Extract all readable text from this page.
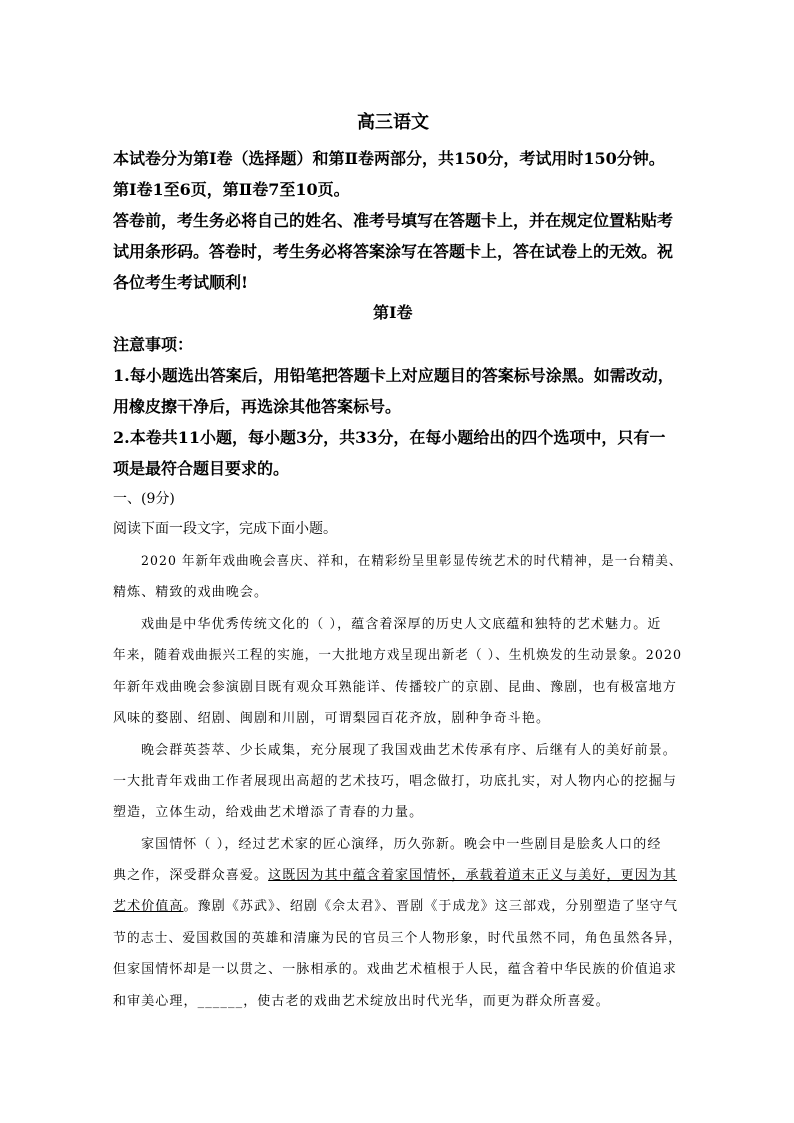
高三语文
本试卷分为第Ⅰ卷（选择题）和第Ⅱ卷两部分，共150分，考试用时150分钟。
第Ⅰ卷1至6页，第Ⅱ卷7至10页。
答卷前，考生务必将自己的姓名、准考号填写在答题卡上，并在规定位置粘贴考
试用条形码。答卷时，考生务必将答案涂写在答题卡上，答在试卷上的无效。祝
各位考生考试顺利!
第Ⅰ卷
注意事项：
1.每小题选出答案后，用铅笔把答题卡上对应题目的答案标号涂黑。如需改动，
用橡皮擦干净后，再选涂其他答案标号。
2.本卷共11小题，每小题3分，共33分，在每小题给出的四个选项中，只有一
项是最符合题目要求的。
一、(9分)
阅读下面一段文字，完成下面小题。
2020 年新年戏曲晚会喜庆、祥和，在精彩纷呈里彰显传统艺术的时代精神，是一台精美、
精炼、精致的戏曲晚会。
戏曲是中华优秀传统文化的（ ），蕴含着深厚的历史人文底蕴和独特的艺术魅力。近
年来，随着戏曲振兴工程的实施，一大批地方戏呈现出新老（ ）、生机焕发的生动景象。2020
年新年戏曲晚会参演剧目既有观众耳熟能详、传播较广的京剧、昆曲、豫剧，也有极富地方
风味的婺剧、绍剧、闽剧和川剧，可谓梨园百花齐放，剧种争奇斗艳。
晚会群英荟萃、少长咸集，充分展现了我国戏曲艺术传承有序、后继有人的美好前景。
一大批青年戏曲工作者展现出高超的艺术技巧，唱念做打，功底扎实，对人物内心的挖掘与
塑造，立体生动，给戏曲艺术增添了青春的力量。
家国情怀（ ），经过艺术家的匠心演绎，历久弥新。晚会中一些剧目是脍炙人口的经
典之作，深受群众喜爱。这既因为其中蕴含着家国情怀，承载着道末正义与美好，更因为其
艺术价值高。豫剧《苏武》、绍剧《佘太君》、晋剧《于成龙》这三部戏，分别塑造了坚守气
节的志士、爱国救国的英雄和清廉为民的官员三个人物形象，时代虽然不同，角色虽然各异，
但家国情怀却是一以贯之、一脉相承的。戏曲艺术植根于人民，蕴含着中华民族的价值追求
和审美心理，______，使古老的戏曲艺术绽放出时代光华，而更为群众所喜爱。
